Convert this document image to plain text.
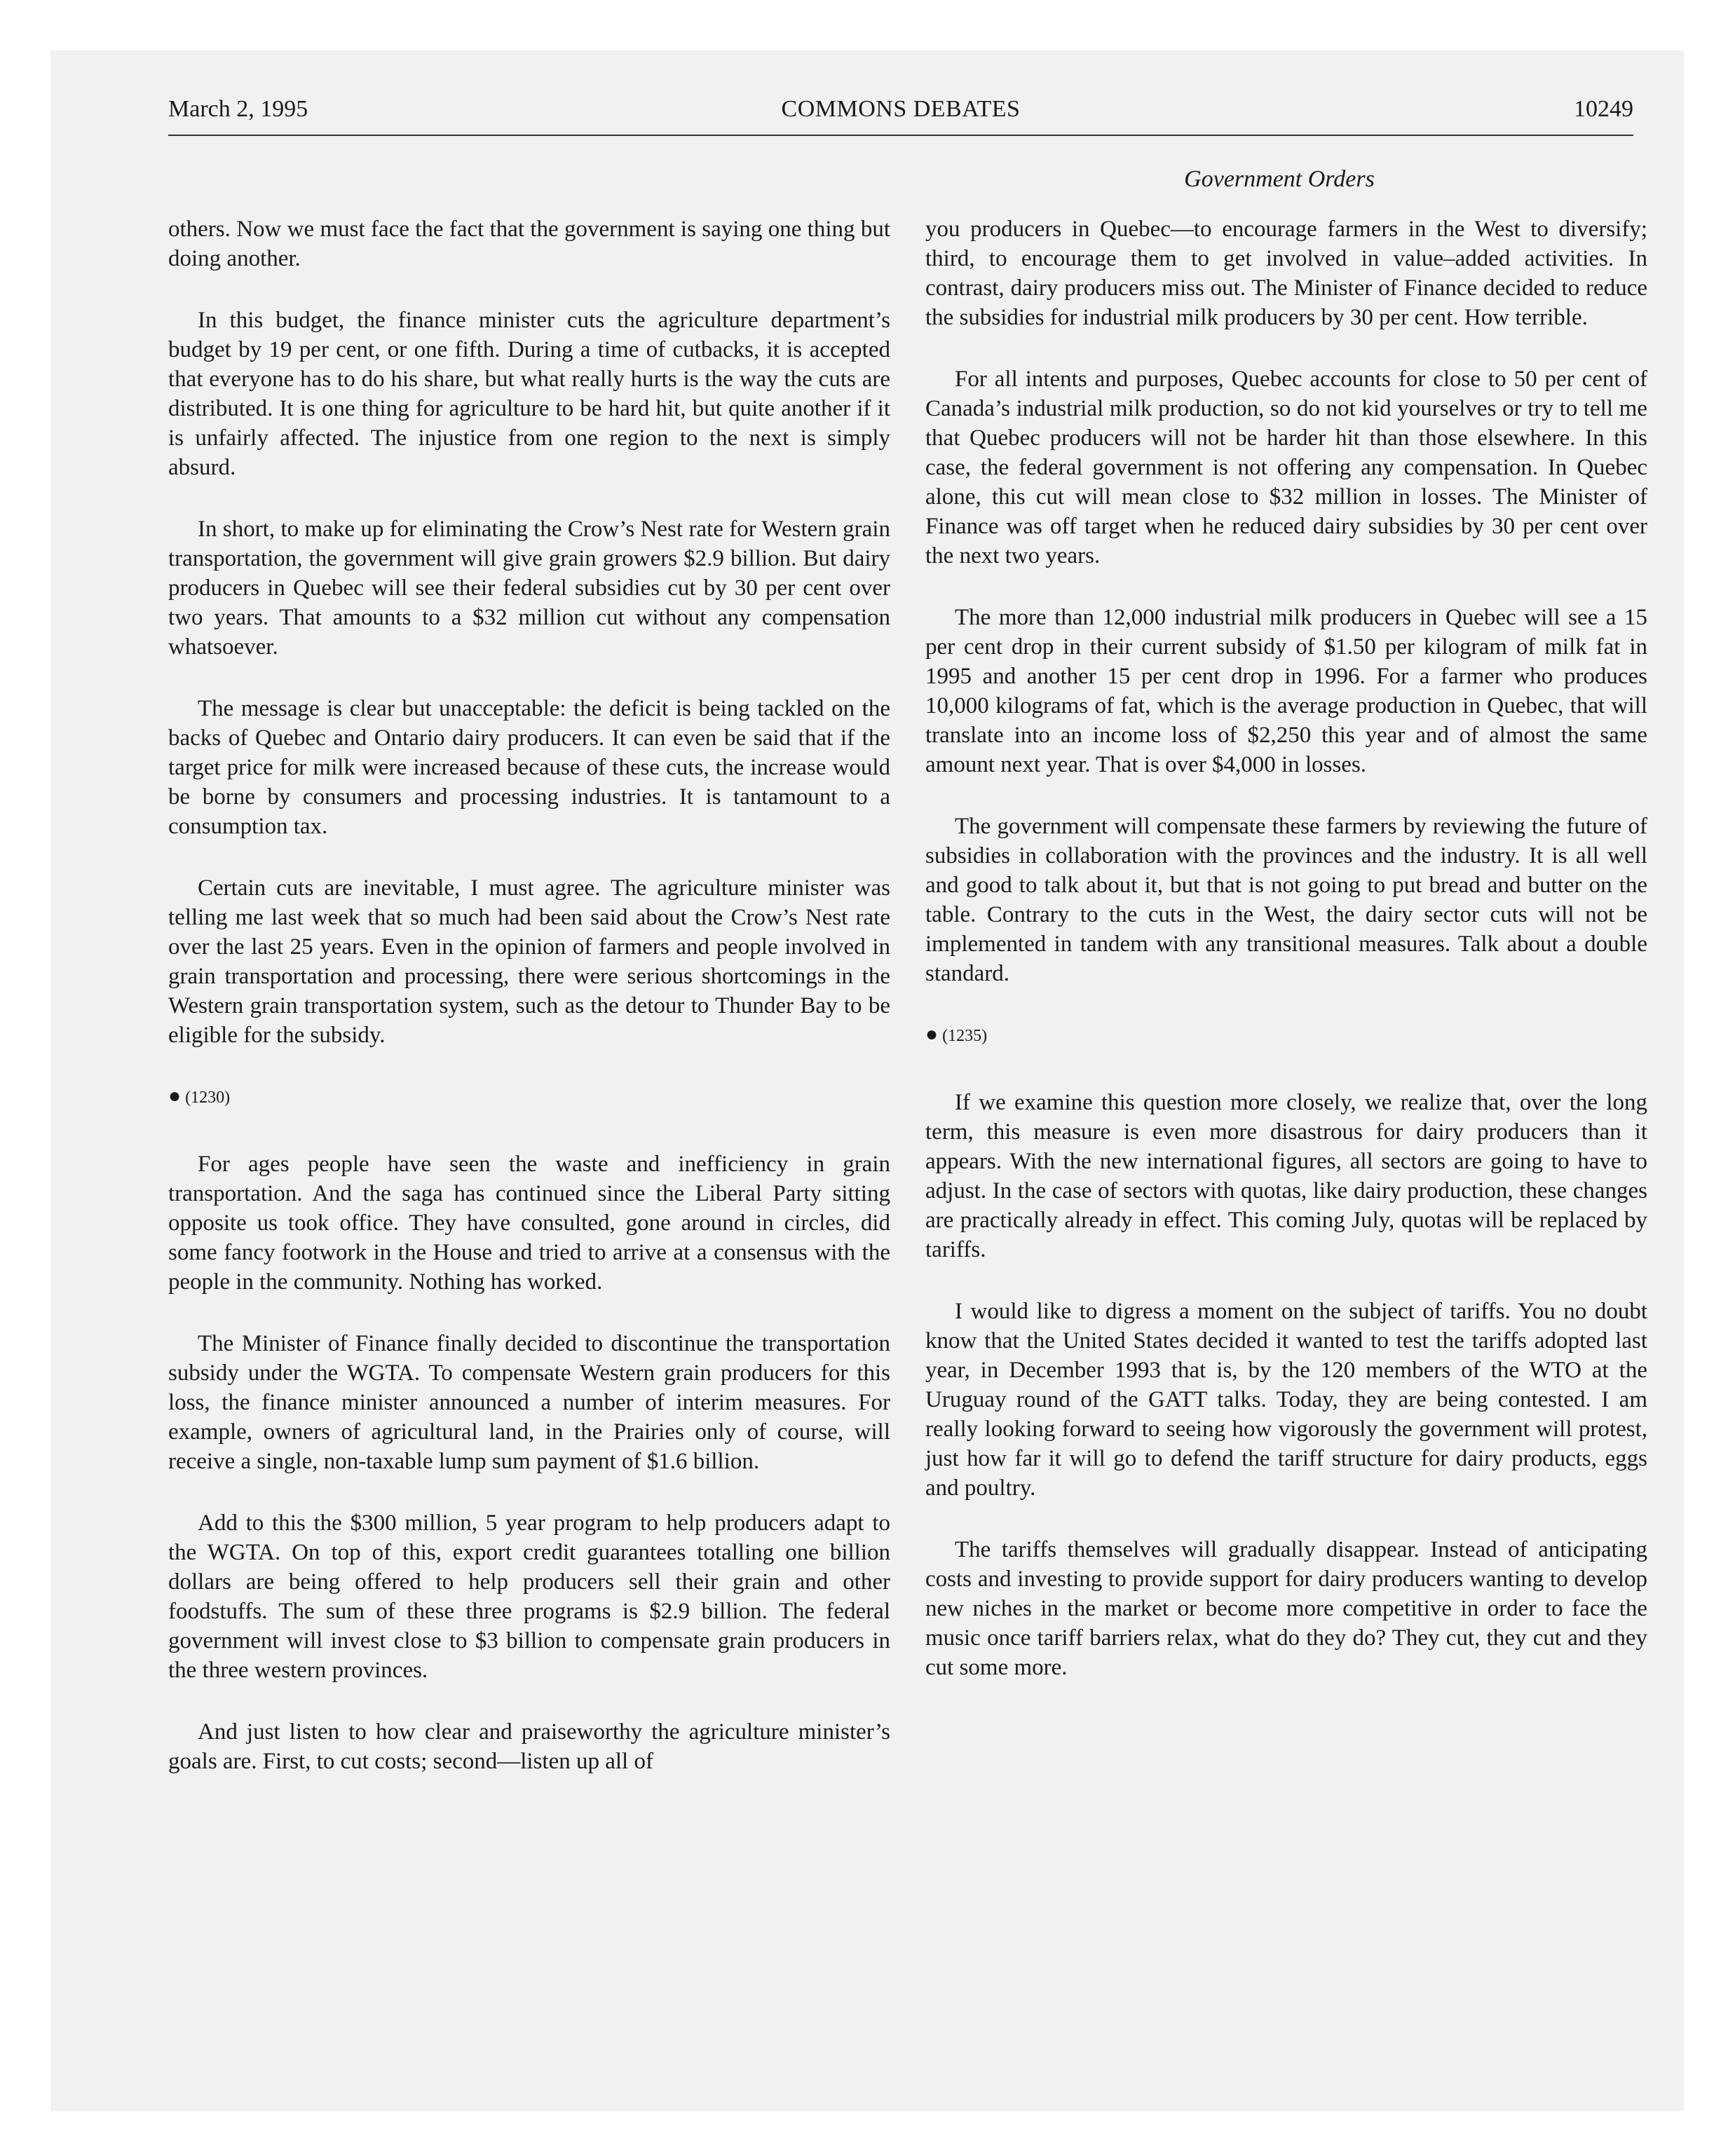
March 2, 1995	COMMONS DEBATES	10249
Government Orders

others. Now we must face the fact that the government is saying one thing but doing another.

In this budget, the finance minister cuts the agriculture department’s budget by 19 per cent, or one fifth. During a time of cutbacks, it is accepted that everyone has to do his share, but what really hurts is the way the cuts are distributed. It is one thing for agriculture to be hard hit, but quite another if it is unfairly affected. The injustice from one region to the next is simply absurd.

In short, to make up for eliminating the Crow’s Nest rate for Western grain transportation, the government will give grain growers $2.9 billion. But dairy producers in Quebec will see their federal subsidies cut by 30 per cent over two years. That amounts to a $32 million cut without any compensation whatsoever.

The message is clear but unacceptable: the deficit is being tackled on the backs of Quebec and Ontario dairy producers. It can even be said that if the target price for milk were increased because of these cuts, the increase would be borne by consumers and processing industries. It is tantamount to a consumption tax.

Certain cuts are inevitable, I must agree. The agriculture minister was telling me last week that so much had been said about the Crow’s Nest rate over the last 25 years. Even in the opinion of farmers and people involved in grain transportation and processing, there were serious shortcomings in the Western grain transportation system, such as the detour to Thunder Bay to be eligible for the subsidy.

● (1230)

For ages people have seen the waste and inefficiency in grain transportation. And the saga has continued since the Liberal Party sitting opposite us took office. They have consulted, gone around in circles, did some fancy footwork in the House and tried to arrive at a consensus with the people in the community. Nothing has worked.

The Minister of Finance finally decided to discontinue the transportation subsidy under the WGTA. To compensate Western grain producers for this loss, the finance minister announced a number of interim measures. For example, owners of agricultural land, in the Prairies only of course, will receive a single, non-taxable lump sum payment of $1.6 billion.

Add to this the $300 million, 5 year program to help producers adapt to the WGTA. On top of this, export credit guarantees totalling one billion dollars are being offered to help producers sell their grain and other foodstuffs. The sum of these three programs is $2.9 billion. The federal government will invest close to $3 billion to compensate grain producers in the three western provinces.

And just listen to how clear and praiseworthy the agriculture minister’s goals are. First, to cut costs; second—listen up all of

you producers in Quebec—to encourage farmers in the West to diversify; third, to encourage them to get involved in value–added activities. In contrast, dairy producers miss out. The Minister of Finance decided to reduce the subsidies for industrial milk producers by 30 per cent. How terrible.

For all intents and purposes, Quebec accounts for close to 50 per cent of Canada’s industrial milk production, so do not kid yourselves or try to tell me that Quebec producers will not be harder hit than those elsewhere. In this case, the federal government is not offering any compensation. In Quebec alone, this cut will mean close to $32 million in losses. The Minister of Finance was off target when he reduced dairy subsidies by 30 per cent over the next two years.

The more than 12,000 industrial milk producers in Quebec will see a 15 per cent drop in their current subsidy of $1.50 per kilogram of milk fat in 1995 and another 15 per cent drop in 1996. For a farmer who produces 10,000 kilograms of fat, which is the average production in Quebec, that will translate into an income loss of $2,250 this year and of almost the same amount next year. That is over $4,000 in losses.

The government will compensate these farmers by reviewing the future of subsidies in collaboration with the provinces and the industry. It is all well and good to talk about it, but that is not going to put bread and butter on the table. Contrary to the cuts in the West, the dairy sector cuts will not be implemented in tandem with any transitional measures. Talk about a double standard.

● (1235)

If we examine this question more closely, we realize that, over the long term, this measure is even more disastrous for dairy producers than it appears. With the new international figures, all sectors are going to have to adjust. In the case of sectors with quotas, like dairy production, these changes are practically already in effect. This coming July, quotas will be replaced by tariffs.

I would like to digress a moment on the subject of tariffs. You no doubt know that the United States decided it wanted to test the tariffs adopted last year, in December 1993 that is, by the 120 members of the WTO at the Uruguay round of the GATT talks. Today, they are being contested. I am really looking forward to seeing how vigorously the government will protest, just how far it will go to defend the tariff structure for dairy products, eggs and poultry.

The tariffs themselves will gradually disappear. Instead of anticipating costs and investing to provide support for dairy producers wanting to develop new niches in the market or become more competitive in order to face the music once tariff barriers relax, what do they do? They cut, they cut and they cut some more.
